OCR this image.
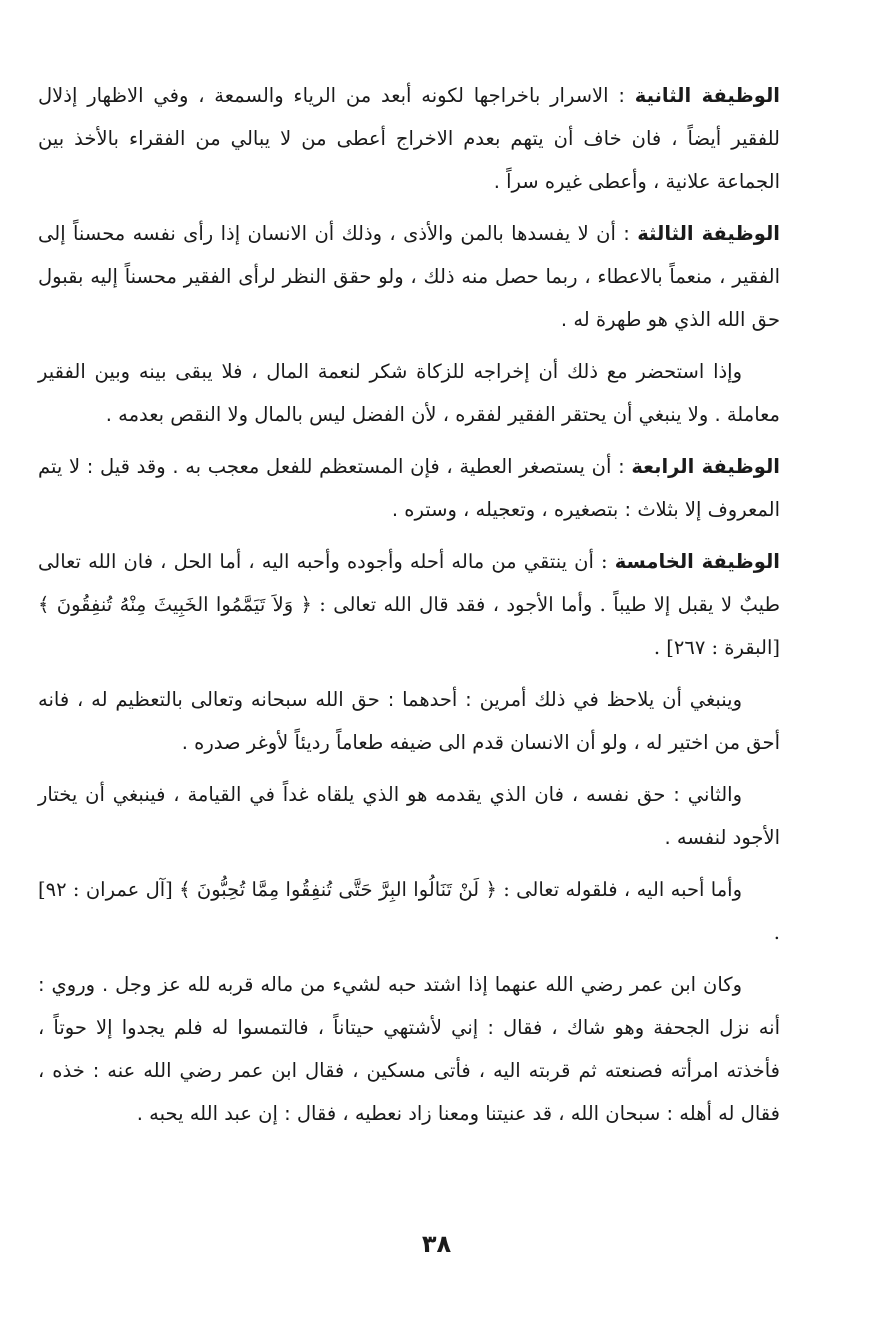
الوظيفة الثانية : الاسرار باخراجها لكونه أبعد من الرياء والسمعة ، وفي الاظهار إذلال للفقير أيضاً ، فان خاف أن يتهم بعدم الاخراج أعطى من لا يبالي من الفقراء بالأخذ بين الجماعة علانية ، وأعطى غيره سراً .

الوظيفة الثالثة : أن لا يفسدها بالمن والأذى ، وذلك أن الانسان إذا رأى نفسه محسناً إلى الفقير ، منعماً بالاعطاء ، ربما حصل منه ذلك ، ولو حقق النظر لرأى الفقير محسناً إليه بقبول حق الله الذي هو طهرة له .

وإذا استحضر مع ذلك أن إخراجه للزكاة شكر لنعمة المال ، فلا يبقى بينه وبين الفقير معاملة . ولا ينبغي أن يحتقر الفقير لفقره ، لأن الفضل ليس بالمال ولا النقص بعدمه .

الوظيفة الرابعة : أن يستصغر العطية ، فإن المستعظم للفعل معجب به . وقد قيل : لا يتم المعروف إلا بثلاث : بتصغيره ، وتعجيله ، وستره .

الوظيفة الخامسة : أن ينتقي من ماله أحله وأجوده وأحبه اليه ، أما الحل ، فان الله تعالى طيبٌ لا يقبل إلا طيباً . وأما الأجود ، فقد قال الله تعالى : ﴿ وَلاَ تَيَمَّمُوا الخَبِيثَ مِنْهُ تُنفِقُونَ ﴾ [البقرة : ٢٦٧] .

وينبغي أن يلاحظ في ذلك أمرين : أحدهما : حق الله سبحانه وتعالى بالتعظيم له ، فانه أحق من اختير له ، ولو أن الانسان قدم الى ضيفه طعاماً رديئاً لأوغر صدره .

والثاني : حق نفسه ، فان الذي يقدمه هو الذي يلقاه غداً في القيامة ، فينبغي أن يختار الأجود لنفسه .

وأما أحبه اليه ، فلقوله تعالى : ﴿ لَنْ تَنَالُوا البِرَّ حَتَّى تُنفِقُوا مِمَّا تُحِبُّونَ ﴾ [آل عمران : ٩٢] .

وكان ابن عمر رضي الله عنهما إذا اشتد حبه لشيء من ماله قربه لله عز وجل . وروي : أنه نزل الجحفة وهو شاك ، فقال : إني لأشتهي حيتاناً ، فالتمسوا له فلم يجدوا إلا حوتاً ، فأخذته امرأته فصنعته ثم قربته اليه ، فأتى مسكين ، فقال ابن عمر رضي الله عنه : خذه ، فقال له أهله : سبحان الله ، قد عنيتنا ومعنا زاد نعطيه ، فقال : إن عبد الله يحبه .

٣٨
